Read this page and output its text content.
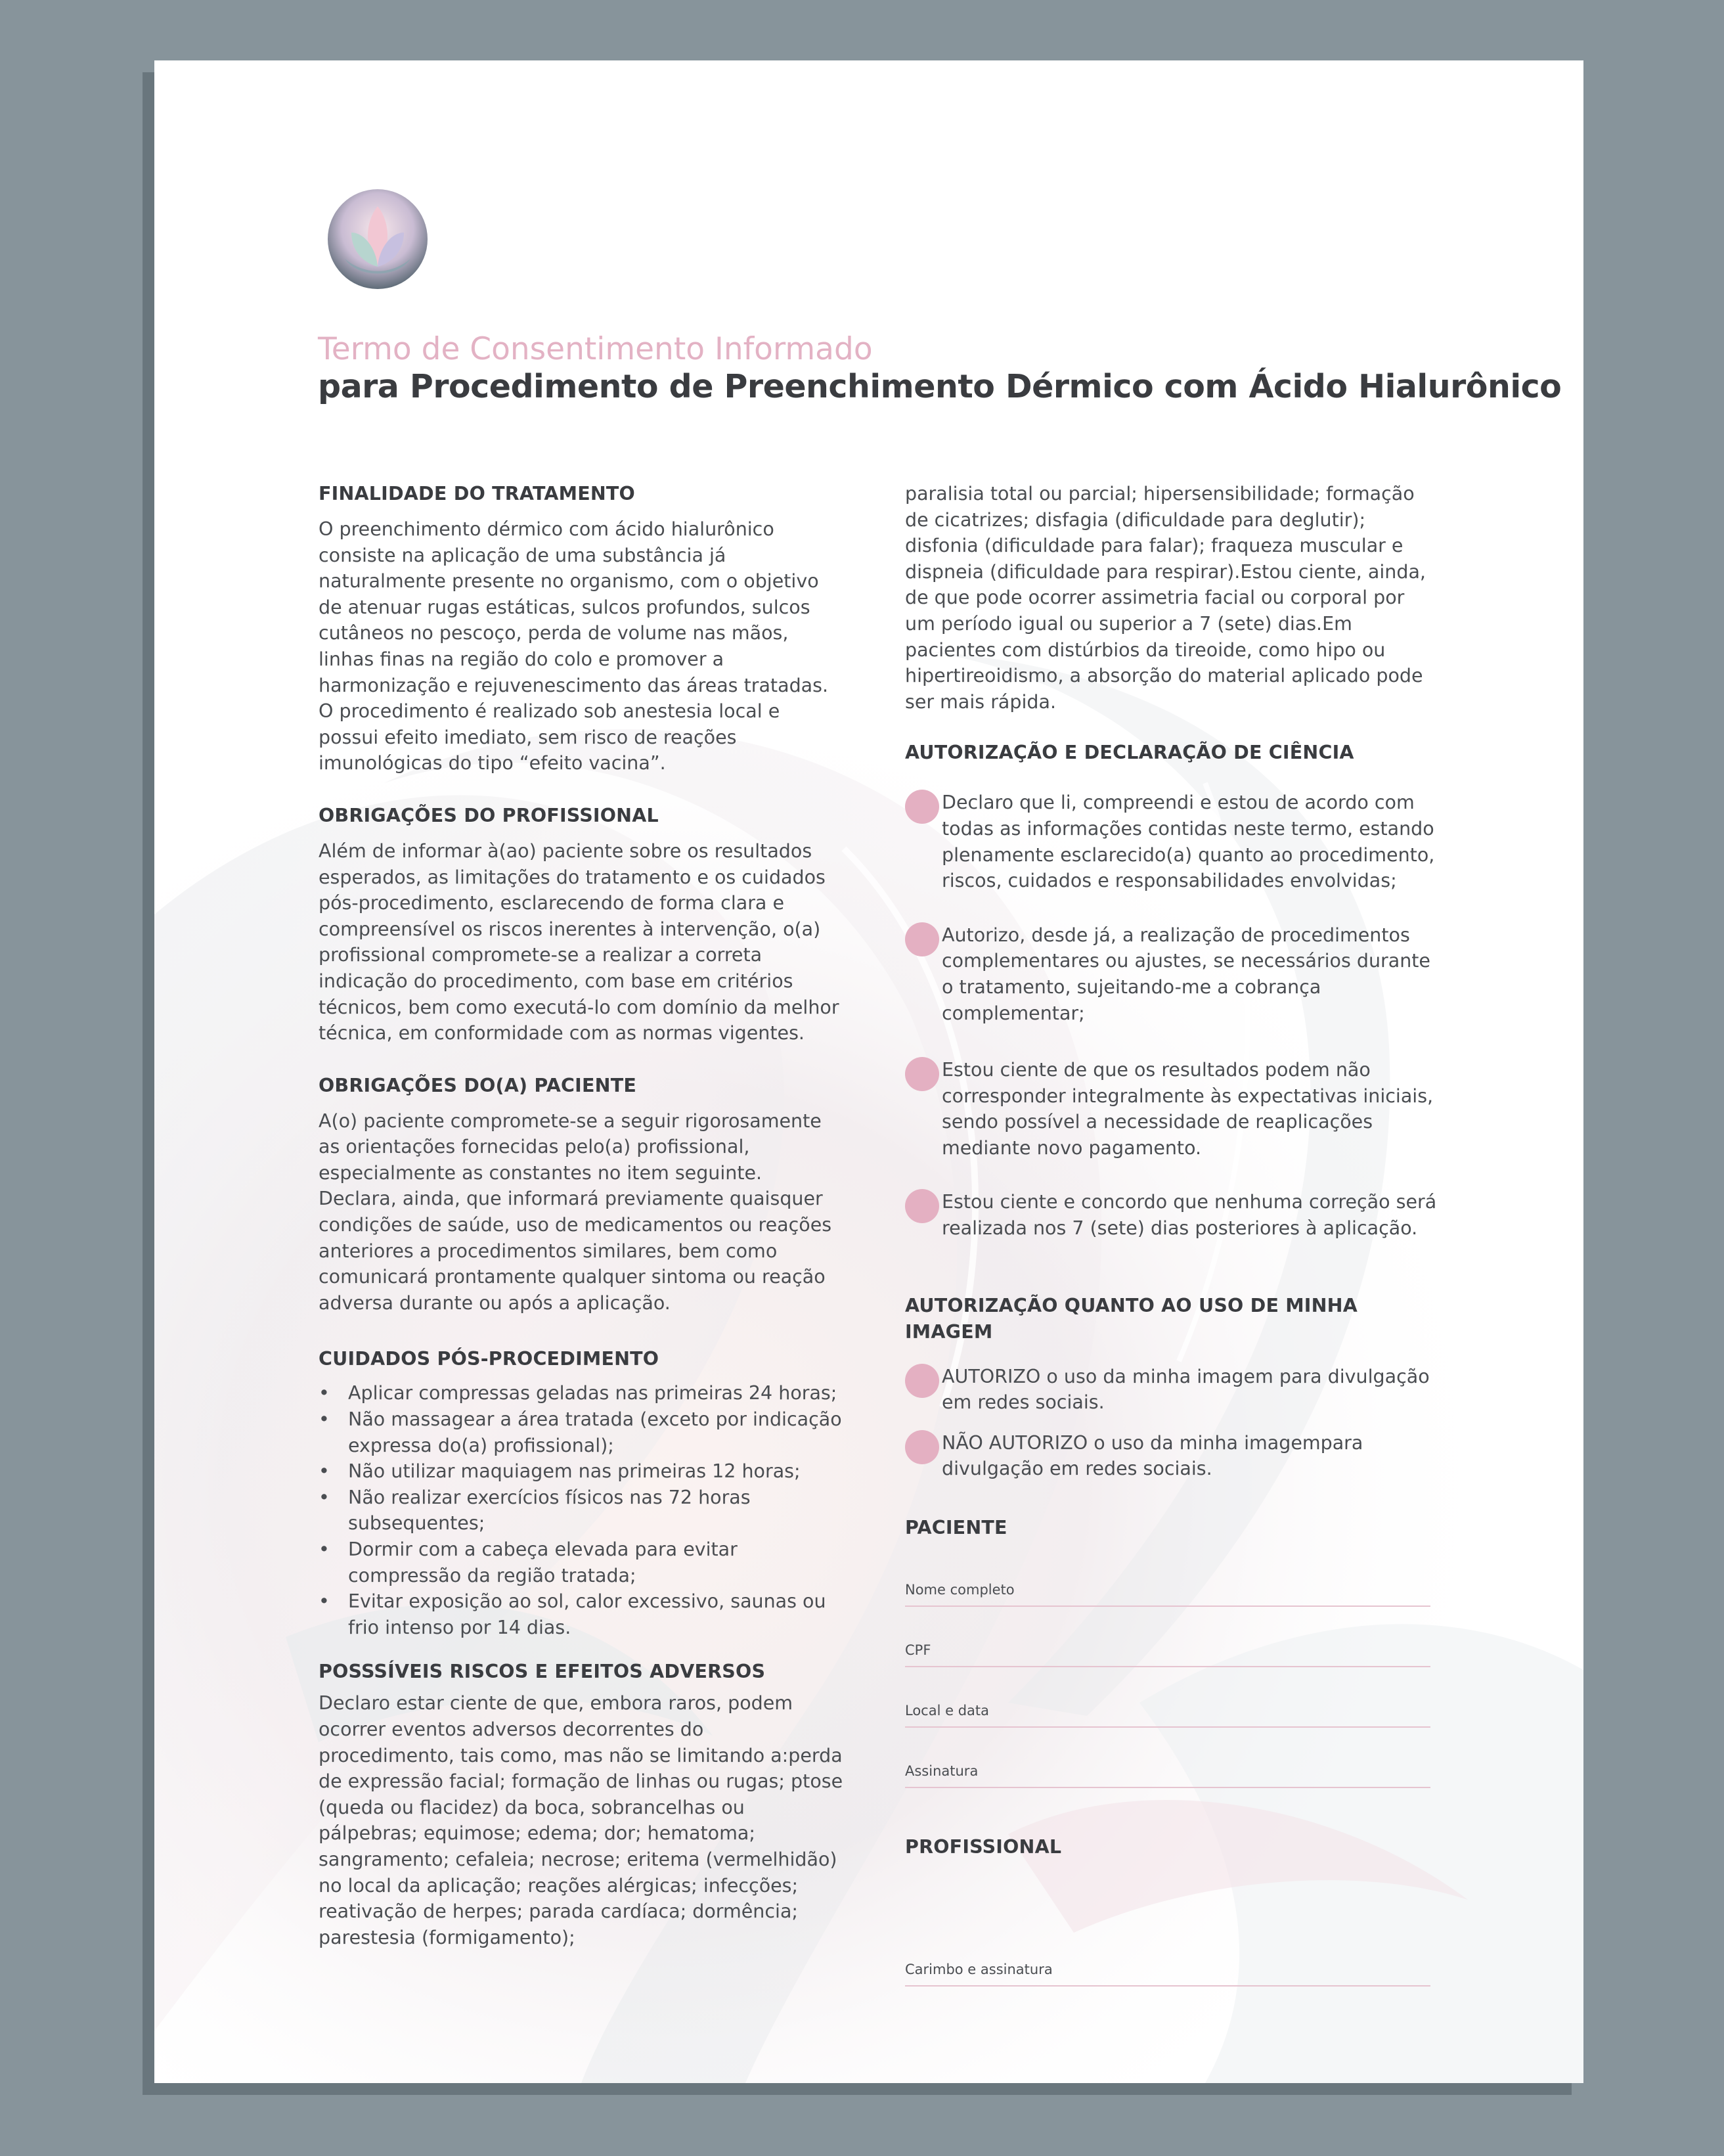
Termo de Consentimento Informado
para Procedimento de Preenchimento Dérmico com Ácido Hialurônico
FINALIDADE DO TRATAMENTO

O preenchimento dérmico com ácido hialurônico consiste na aplicação de uma substância já naturalmente presente no organismo, com o objetivo de atenuar rugas estáticas, sulcos profundos, sulcos cutâneos no pescoço, perda de volume nas mãos, linhas finas na região do colo e promover a harmonização e rejuvenescimento das áreas tratadas. O procedimento é realizado sob anestesia local e possui efeito imediato, sem risco de reações imunológicas do tipo “efeito vacina”.

OBRIGAÇÕES DO PROFISSIONAL

Além de informar à(ao) paciente sobre os resultados esperados, as limitações do tratamento e os cuidados pós-procedimento, esclarecendo de forma clara e compreensível os riscos inerentes à intervenção, o(a) profissional compromete-se a realizar a correta indicação do procedimento, com base em critérios técnicos, bem como executá-lo com domínio da melhor técnica, em conformidade com as normas vigentes.

OBRIGAÇÕES DO(A) PACIENTE

A(o) paciente compromete-se a seguir rigorosamente as orientações fornecidas pelo(a) profissional, especialmente as constantes no item seguinte. Declara, ainda, que informará previamente quaisquer condições de saúde, uso de medicamentos ou reações anteriores a procedimentos similares, bem como comunicará prontamente qualquer sintoma ou reação adversa durante ou após a aplicação.

CUIDADOS PÓS-PROCEDIMENTO
• Aplicar compressas geladas nas primeiras 24 horas;
• Não massagear a área tratada (exceto por indicação expressa do(a) profissional);
• Não utilizar maquiagem nas primeiras 12 horas;
• Não realizar exercícios físicos nas 72 horas subsequentes;
• Dormir com a cabeça elevada para evitar compressão da região tratada;
• Evitar exposição ao sol, calor excessivo, saunas ou frio intenso por 14 dias.
POSSSÍVEIS RISCOS E EFEITOS ADVERSOS

Declaro estar ciente de que, embora raros, podem ocorrer eventos adversos decorrentes do procedimento, tais como, mas não se limitando a:perda de expressão facial; formação de linhas ou rugas; ptose (queda ou flacidez) da boca, sobrancelhas ou pálpebras; equimose; edema; dor; hematoma; sangramento; cefaleia; necrose; eritema (vermelhidão) no local da aplicação; reações alérgicas; infecções; reativação de herpes; parada cardíaca; dormência; parestesia (formigamento);

paralisia total ou parcial; hipersensibilidade; formação de cicatrizes; disfagia (dificuldade para deglutir); disfonia (dificuldade para falar); fraqueza muscular e dispneia (dificuldade para respirar).Estou ciente, ainda, de que pode ocorrer assimetria facial ou corporal por um período igual ou superior a 7 (sete) dias.Em pacientes com distúrbios da tireoide, como hipo ou hipertireoidismo, a absorção do material aplicado pode ser mais rápida.

AUTORIZAÇÃO E DECLARAÇÃO DE CIÊNCIA

Declaro que li, compreendi e estou de acordo com todas as informações contidas neste termo, estando plenamente esclarecido(a) quanto ao procedimento, riscos, cuidados e responsabilidades envolvidas;

Autorizo, desde já, a realização de procedimentos complementares ou ajustes, se necessários durante o tratamento, sujeitando-me a cobrança complementar;

Estou ciente de que os resultados podem não corresponder integralmente às expectativas iniciais, sendo possível a necessidade de reaplicações mediante novo pagamento.

Estou ciente e concordo que nenhuma correção será realizada nos 7 (sete) dias posteriores à aplicação.

AUTORIZAÇÃO QUANTO AO USO DE MINHA IMAGEM

AUTORIZO o uso da minha imagem para divulgação em redes sociais.

NÃO AUTORIZO o uso da minha imagempara divulgação em redes sociais.

PACIENTE
Nome completo
CPF
Local e data
Assinatura
PROFISSIONAL
Carimbo e assinatura
